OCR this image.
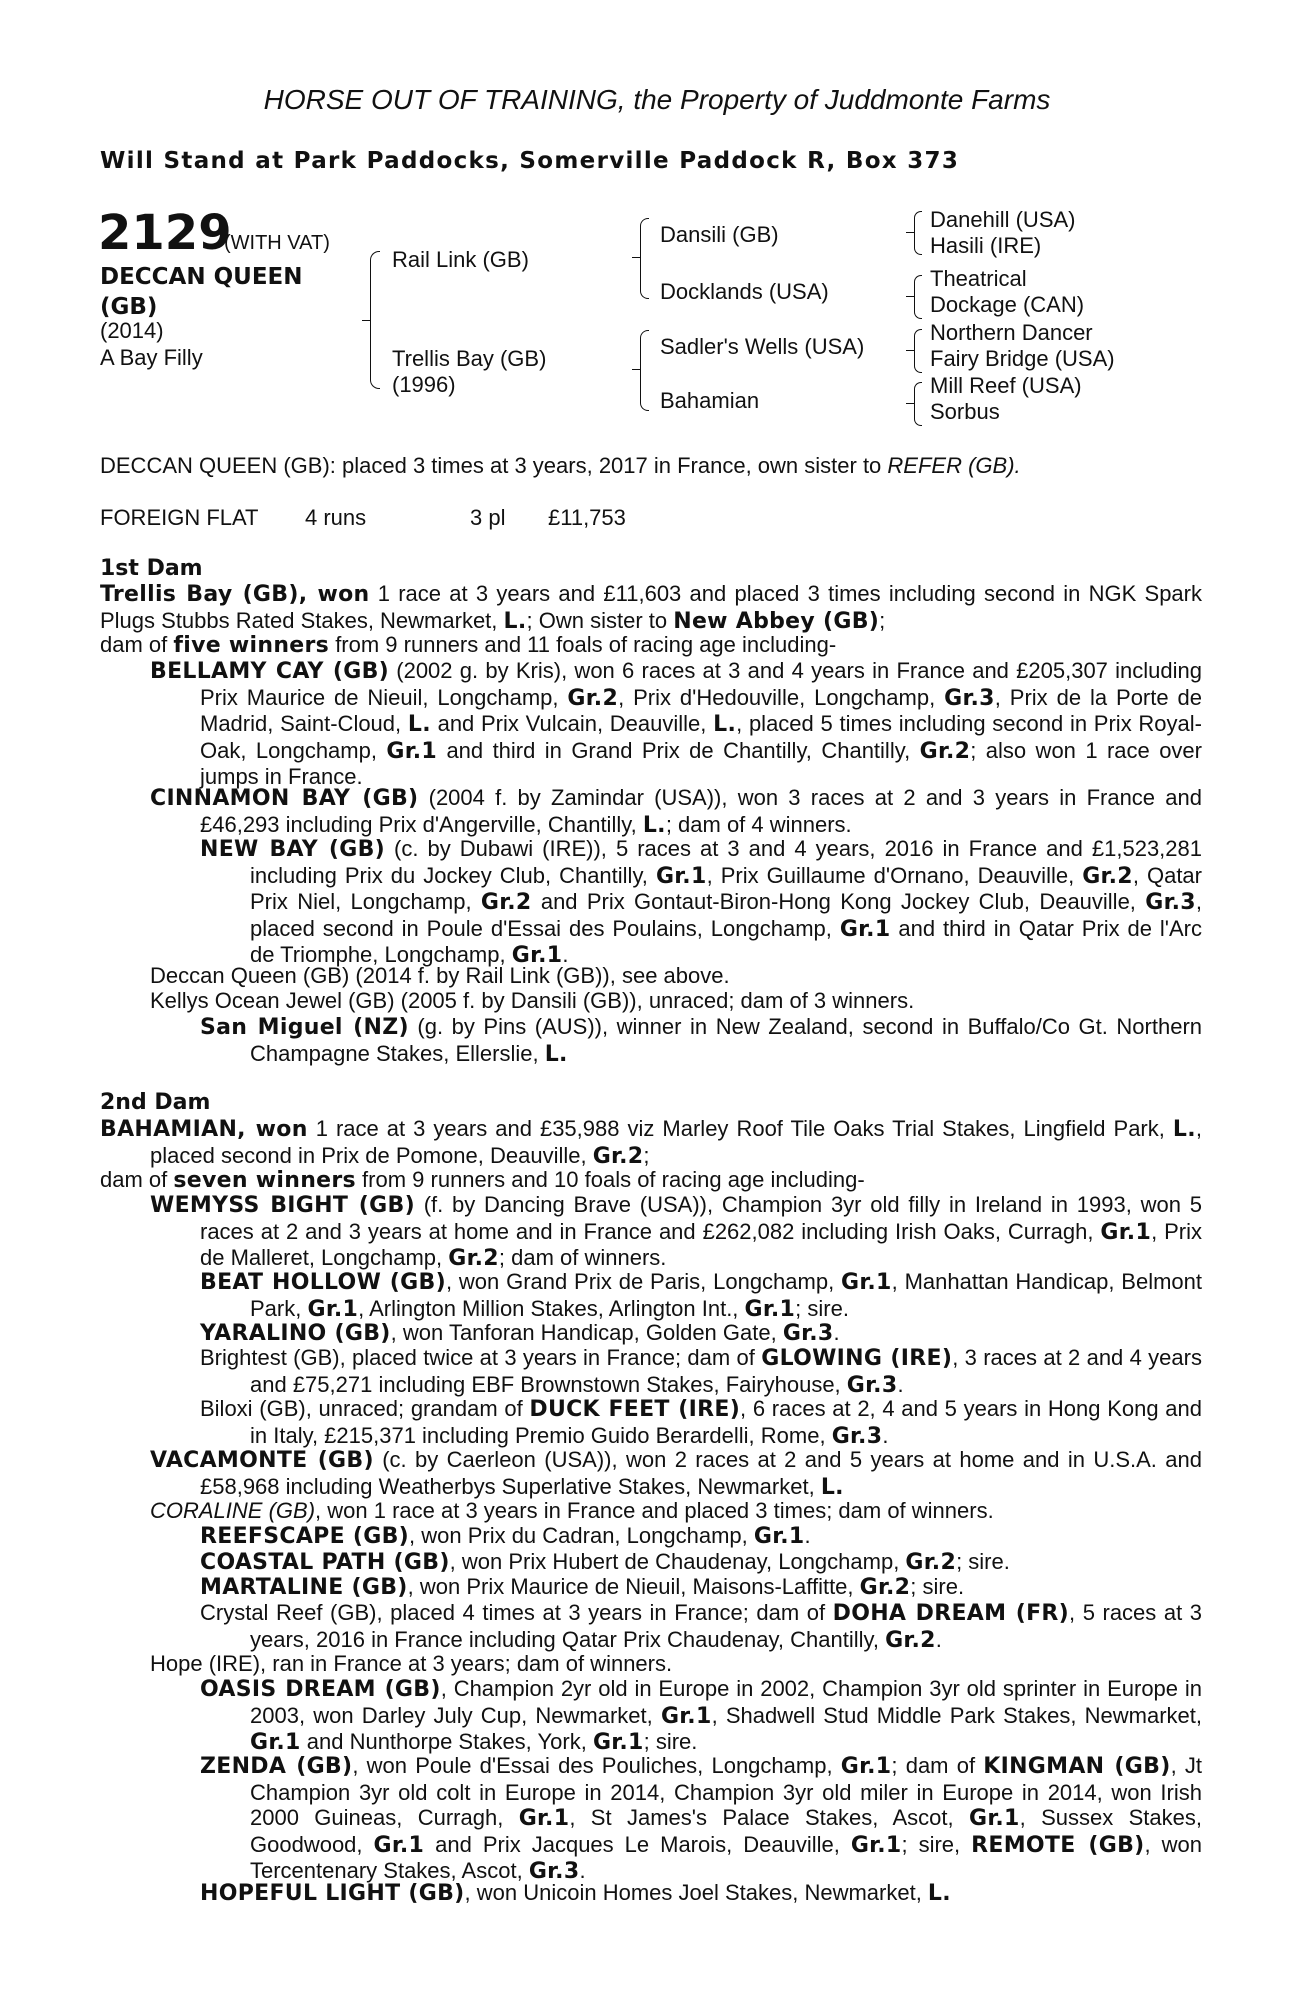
HORSE OUT OF TRAINING, the Property of Juddmonte Farms
Will Stand at Park Paddocks, Somerville Paddock R, Box 373
2129
(WITH VAT)
DECCAN QUEEN
(GB)
(2014)
A Bay Filly
Rail Link (GB)
Trellis Bay (GB)
(1996)
Dansili (GB)
Docklands (USA)
Sadler's Wells (USA)
Bahamian
Danehill (USA)
Hasili (IRE)
Theatrical
Dockage (CAN)
Northern Dancer
Fairy Bridge (USA)
Mill Reef (USA)
Sorbus
DECCAN QUEEN (GB): placed 3 times at 3 years, 2017 in France, own sister to REFER (GB).
FOREIGN FLAT 4 runs	3 pl £11,753
1st Dam
Trellis Bay (GB), won 1 race at 3 years and £11,603 and placed 3 times including second in NGK Spark Plugs Stubbs Rated Stakes, Newmarket, L.; Own sister to New Abbey (GB);
dam of five winners from 9 runners and 11 foals of racing age including-
BELLAMY CAY (GB) (2002 g. by Kris), won 6 races at 3 and 4 years in France and £205,307 including Prix Maurice de Nieuil, Longchamp, Gr.2, Prix d'Hedouville, Longchamp, Gr.3, Prix de la Porte de Madrid, Saint-Cloud, L. and Prix Vulcain, Deauville, L., placed 5 times including second in Prix Royal-Oak, Longchamp, Gr.1 and third in Grand Prix de Chantilly, Chantilly, Gr.2; also won 1 race over jumps in France.
CINNAMON BAY (GB) (2004 f. by Zamindar (USA)), won 3 races at 2 and 3 years in France and £46,293 including Prix d'Angerville, Chantilly, L.; dam of 4 winners.
NEW BAY (GB) (c. by Dubawi (IRE)), 5 races at 3 and 4 years, 2016 in France and £1,523,281 including Prix du Jockey Club, Chantilly, Gr.1, Prix Guillaume d'Ornano, Deauville, Gr.2, Qatar Prix Niel, Longchamp, Gr.2 and Prix Gontaut-Biron-Hong Kong Jockey Club, Deauville, Gr.3, placed second in Poule d'Essai des Poulains, Longchamp, Gr.1 and third in Qatar Prix de l'Arc de Triomphe, Longchamp, Gr.1.
Deccan Queen (GB) (2014 f. by Rail Link (GB)), see above.
Kellys Ocean Jewel (GB) (2005 f. by Dansili (GB)), unraced; dam of 3 winners.
San Miguel (NZ) (g. by Pins (AUS)), winner in New Zealand, second in Buffalo/Co Gt. Northern Champagne Stakes, Ellerslie, L.
2nd Dam
BAHAMIAN, won 1 race at 3 years and £35,988 viz Marley Roof Tile Oaks Trial Stakes, Lingfield Park, L., placed second in Prix de Pomone, Deauville, Gr.2;
dam of seven winners from 9 runners and 10 foals of racing age including-
WEMYSS BIGHT (GB) (f. by Dancing Brave (USA)), Champion 3yr old filly in Ireland in 1993, won 5 races at 2 and 3 years at home and in France and £262,082 including Irish Oaks, Curragh, Gr.1, Prix de Malleret, Longchamp, Gr.2; dam of winners.
BEAT HOLLOW (GB), won Grand Prix de Paris, Longchamp, Gr.1, Manhattan Handicap, Belmont Park, Gr.1, Arlington Million Stakes, Arlington Int., Gr.1; sire.
YARALINO (GB), won Tanforan Handicap, Golden Gate, Gr.3.
Brightest (GB), placed twice at 3 years in France; dam of GLOWING (IRE), 3 races at 2 and 4 years and £75,271 including EBF Brownstown Stakes, Fairyhouse, Gr.3.
Biloxi (GB), unraced; grandam of DUCK FEET (IRE), 6 races at 2, 4 and 5 years in Hong Kong and in Italy, £215,371 including Premio Guido Berardelli, Rome, Gr.3.
VACAMONTE (GB) (c. by Caerleon (USA)), won 2 races at 2 and 5 years at home and in U.S.A. and £58,968 including Weatherbys Superlative Stakes, Newmarket, L.
CORALINE (GB), won 1 race at 3 years in France and placed 3 times; dam of winners.
REEFSCAPE (GB), won Prix du Cadran, Longchamp, Gr.1.
COASTAL PATH (GB), won Prix Hubert de Chaudenay, Longchamp, Gr.2; sire.
MARTALINE (GB), won Prix Maurice de Nieuil, Maisons-Laffitte, Gr.2; sire.
Crystal Reef (GB), placed 4 times at 3 years in France; dam of DOHA DREAM (FR), 5 races at 3 years, 2016 in France including Qatar Prix Chaudenay, Chantilly, Gr.2.
Hope (IRE), ran in France at 3 years; dam of winners.
OASIS DREAM (GB), Champion 2yr old in Europe in 2002, Champion 3yr old sprinter in Europe in 2003, won Darley July Cup, Newmarket, Gr.1, Shadwell Stud Middle Park Stakes, Newmarket, Gr.1 and Nunthorpe Stakes, York, Gr.1; sire.
ZENDA (GB), won Poule d'Essai des Pouliches, Longchamp, Gr.1; dam of KINGMAN (GB), Jt Champion 3yr old colt in Europe in 2014, Champion 3yr old miler in Europe in 2014, won Irish 2000 Guineas, Curragh, Gr.1, St James's Palace Stakes, Ascot, Gr.1, Sussex Stakes, Goodwood, Gr.1 and Prix Jacques Le Marois, Deauville, Gr.1; sire, REMOTE (GB), won Tercentenary Stakes, Ascot, Gr.3.
HOPEFUL LIGHT (GB), won Unicoin Homes Joel Stakes, Newmarket, L.
